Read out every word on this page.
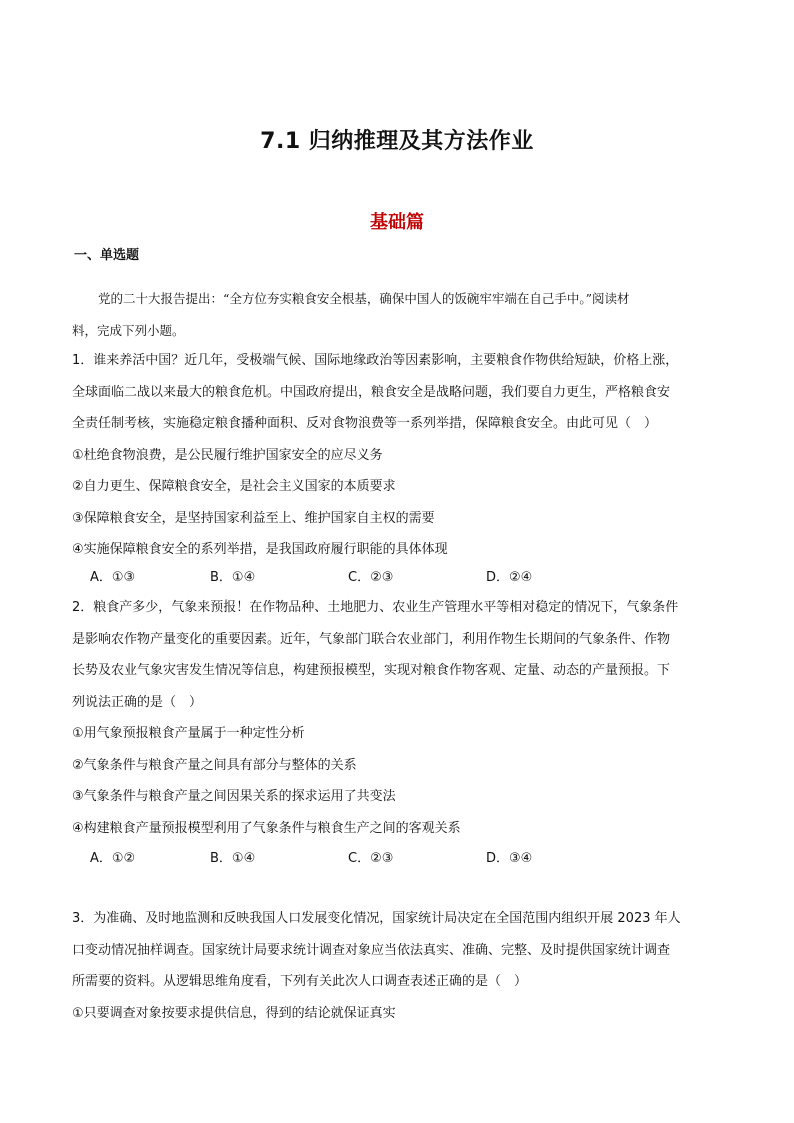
7.1 归纳推理及其方法作业
基础篇
一、单选题
党的二十大报告提出：“全方位夯实粮食安全根基，确保中国人的饭碗牢牢端在自己手中。”阅读材
料，完成下列小题。
1．谁来养活中国？近几年，受极端气候、国际地缘政治等因素影响，主要粮食作物供给短缺，价格上涨，
全球面临二战以来最大的粮食危机。中国政府提出，粮食安全是战略问题，我们要自力更生，严格粮食安
全责任制考核，实施稳定粮食播种面积、反对食物浪费等一系列举措，保障粮食安全。由此可见（　）
①杜绝食物浪费，是公民履行维护国家安全的应尽义务
②自力更生、保障粮食安全，是社会主义国家的本质要求
③保障粮食安全，是坚持国家利益至上、维护国家自主权的需要
④实施保障粮食安全的系列举措，是我国政府履行职能的具体体现
A．①③	B．①④	C．②③	D．②④
2．粮食产多少，气象来预报！在作物品种、土地肥力、农业生产管理水平等相对稳定的情况下，气象条件
是影响农作物产量变化的重要因素。近年，气象部门联合农业部门，利用作物生长期间的气象条件、作物
长势及农业气象灾害发生情况等信息，构建预报模型，实现对粮食作物客观、定量、动态的产量预报。下
列说法正确的是（　）
①用气象预报粮食产量属于一种定性分析
②气象条件与粮食产量之间具有部分与整体的关系
③气象条件与粮食产量之间因果关系的探求运用了共变法
④构建粮食产量预报模型利用了气象条件与粮食生产之间的客观关系
A．①②	B．①④	C．②③	D．③④
3．为准确、及时地监测和反映我国人口发展变化情况，国家统计局决定在全国范围内组织开展 2023 年人
口变动情况抽样调查。国家统计局要求统计调查对象应当依法真实、准确、完整、及时提供国家统计调查
所需要的资料。从逻辑思维角度看，下列有关此次人口调查表述正确的是（　）
①只要调查对象按要求提供信息，得到的结论就保证真实
